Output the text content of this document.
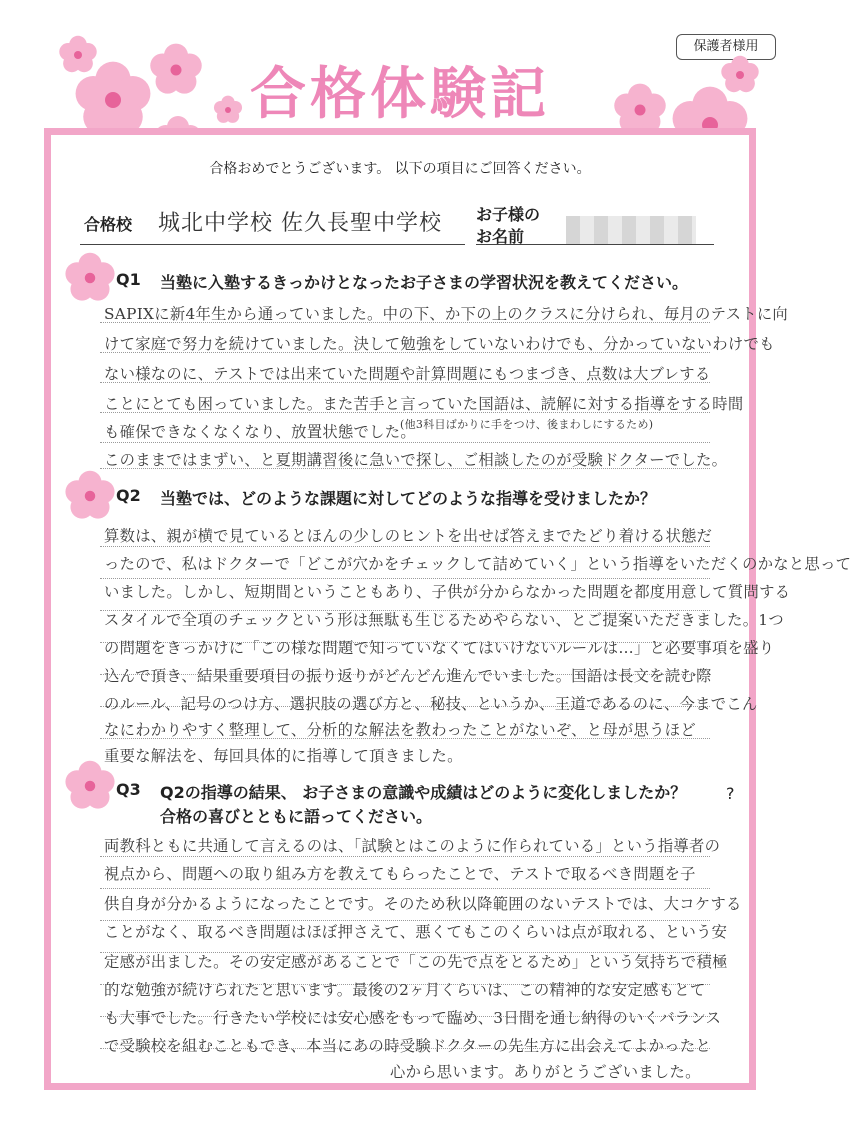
保護者様用
合格体験記
合格おめでとうございます。 以下の項目にご回答ください。
合格校 城北中学校 佐久長聖中学校 お子様の
お名前
Q1 当塾に入塾するきっかけとなったお子さまの学習状況を教えてください。
SAPIXに新4年生から通っていました。中の下、か下の上のクラスに分けられ、毎月のテストに向
けて家庭で努力を続けていました。決して勉強をしていないわけでも、分かっていないわけでも
ない様なのに、テストでは出来ていた問題や計算問題にもつまづき、点数は大ブレする
ことにとても困っていました。また苦手と言っていた国語は、読解に対する指導をする時間
も確保できなくなくなり、放置状態でした。
(他3科目ばかりに手をつけ、後まわしにするため)
このままではまずい、と夏期講習後に急いで探し、ご相談したのが受験ドクターでした。
Q2 当塾では、どのような課題に対してどのような指導を受けましたか？
算数は、親が横で見ているとほんの少しのヒントを出せば答えまでたどり着ける状態だ
ったので、私はドクターで「どこが穴かをチェックして詰めていく」という指導をいただくのかなと思って
いました。しかし、短期間ということもあり、子供が分からなかった問題を都度用意して質問する
スタイルで全項のチェックという形は無駄も生じるためやらない、とご提案いただきました。1つ
の問題をきっかけに「この様な問題で知っていなくてはいけないルールは…」と必要事項を盛り
込んで頂き、結果重要項目の振り返りがどんどん進んでいました。国語は長文を読む際
のルール、記号のつけ方、選択肢の選び方と、秘技、というか、王道であるのに、今までこん
なにわかりやすく整理して、分析的な解法を教わったことがないぞ、と母が思うほど
重要な解法を、毎回具体的に指導して頂きました。
Q3 Q2の指導の結果、 お子さまの意識や成績はどのように変化しましたか？ ?
合格の喜びとともに語ってください。
両教科ともに共通して言えるのは、「試験とはこのように作られている」という指導者の
視点から、問題への取り組み方を教えてもらったことで、テストで取るべき問題を子
供自身が分かるようになったことです。そのため秋以降範囲のないテストでは、大コケする
ことがなく、取るべき問題はほぼ押さえて、悪くてもこのくらいは点が取れる、という安
定感が出ました。その安定感があることで「この先で点をとるため」という気持ちで積極
的な勉強が続けられたと思います。最後の2ヶ月くらいは、この精神的な安定感もとて
も大事でした。行きたい学校には安心感をもって臨め、3日間を通し納得のいくバランス
で受験校を組むこともでき、本当にあの時受験ドクターの先生方に出会えてよかったと
心から思います。ありがとうございました。
